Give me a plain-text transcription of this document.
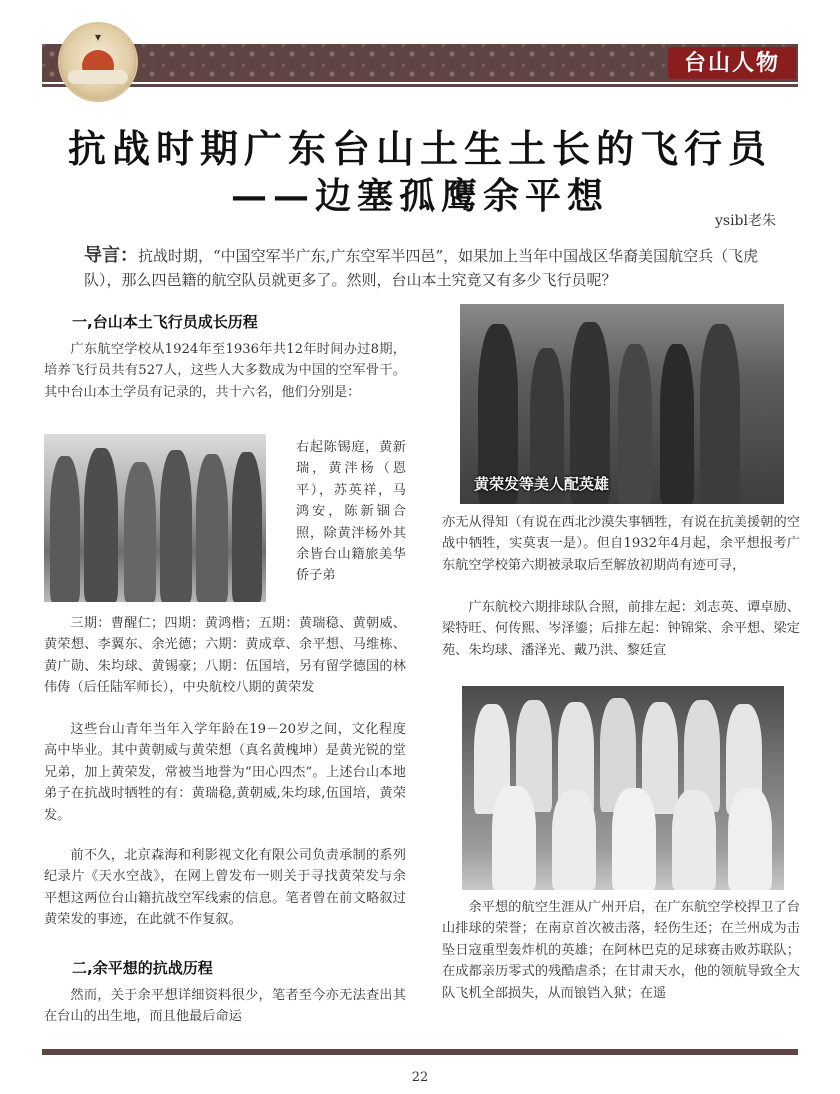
▾
台山人物
抗战时期广东台山土生土长的飞行员
——边塞孤鹰余平想
ysibl老朱
导言：抗战时期，“中国空军半广东,广东空军半四邑”，如果加上当年中国战区华裔美国航空兵（飞虎队），那么四邑籍的航空队员就更多了。然则，台山本土究竟又有多少飞行员呢？
一,台山本土飞行员成长历程

广东航空学校从1924年至1936年共12年时间办过8期，培养飞行员共有527人，这些人大多数成为中国的空军骨干。其中台山本土学员有记录的，共十六名，他们分别是：

右起陈锡庭，黄新瑞，黄泮杨（恩平），苏英祥，马鸿安，陈新锢合照，除黄泮杨外其余皆台山籍旅美华侨子弟

三期：曹醒仁；四期：黄鸿楷；五期：黄瑞稳、黄朝威、黄荣想、李翼东、余光德；六期：黄成章、余平想、马维栋、黄广勋、朱均球、黄锡豪；八期：伍国培，另有留学德国的林伟俦（后任陆军师长），中央航校八期的黄荣发

这些台山青年当年入学年龄在19－20岁之间，文化程度高中毕业。其中黄朝威与黄荣想（真名黄槐坤）是黄光锐的堂兄弟，加上黄荣发，常被当地誉为“田心四杰”。上述台山本地弟子在抗战时牺牲的有：黄瑞稳,黄朝威,朱均球,伍国培，黄荣发。

前不久，北京森海和利影视文化有限公司负责承制的系列纪录片《天水空战》，在网上曾发布一则关于寻找黄荣发与余平想这两位台山籍抗战空军线索的信息。笔者曾在前文略叙过黄荣发的事迹，在此就不作复叙。

二,余平想的抗战历程

然而，关于余平想详细资料很少，笔者至今亦无法查出其在台山的出生地，而且他最后命运

黄荣发等美人配英雄

亦无从得知（有说在西北沙漠失事牺牲，有说在抗美援朝的空战中牺牲，实莫衷一是）。但自1932年4月起，余平想报考广东航空学校第六期被录取后至解放初期尚有迹可寻，

广东航校六期排球队合照，前排左起：刘志英、谭卓励、梁特旺、何传熙、岑泽鎏；后排左起：钟锦棠、余平想、梁定苑、朱均球、潘泽光、戴乃洪、黎廷宣

余平想的航空生涯从广州开启，在广东航空学校捍卫了台山排球的荣誉；在南京首次被击落，轻伤生还；在兰州成为击坠日寇重型轰炸机的英雄；在阿林巴克的足球赛击败苏联队；在成都亲历零式的残酷虐杀；在甘肃天水，他的领航导致全大队飞机全部损失，从而锒铛入狱；在遥

22
